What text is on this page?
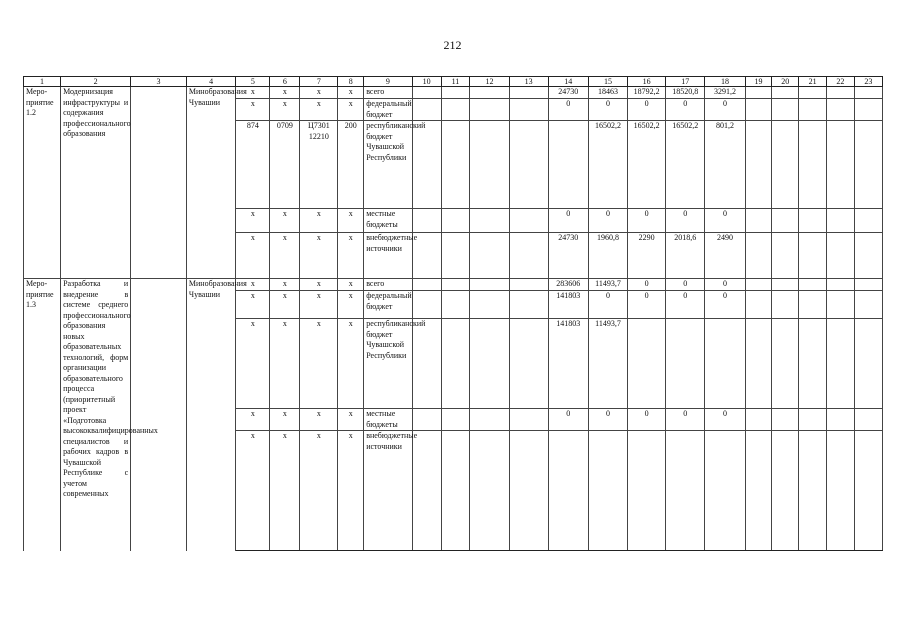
212
1	2	3	4	5	6	7	8	9	10	11	12	13	14	15	16	17	18	19	20	21	22	23
Меро-приятие 1.2	Модернизация инфраструктуры и содержания профессионального образования		Минобразования Чувашии	x	x	x	x	всего					24730	18463	18792,2	18520,8	3291,2					
				x	x	x	x	федеральный бюджет					0	0	0	0	0					
				874	0709	Ц7301 12210	200	республиканский бюджет Чувашской Республики						16502,2	16502,2	16502,2	801,2					
				x	x	x	x	местные бюджеты					0	0	0	0	0					
				x	x	x	x	внебюджетные источники					24730	1960,8	2290	2018,6	2490					
Меро-приятие 1.3	Разработка и внедрение в системе среднего профессионального образования новых образовательных технологий, форм организации образовательного процесса (приоритетный проект «Подготовка высококвалифицированных специалистов и рабочих кадров в Чувашской Республике с учетом современных		Минобразования Чувашии	x	x	x	x	всего					283606	11493,7	0	0	0					
				x	x	x	x	федеральный бюджет					141803	0	0	0	0					
				x	x	x	x	республиканский бюджет Чувашской Республики					141803	11493,7								
				x	x	x	x	местные бюджеты					0	0	0	0	0					
				x	x	x	x	внебюджетные источники														
